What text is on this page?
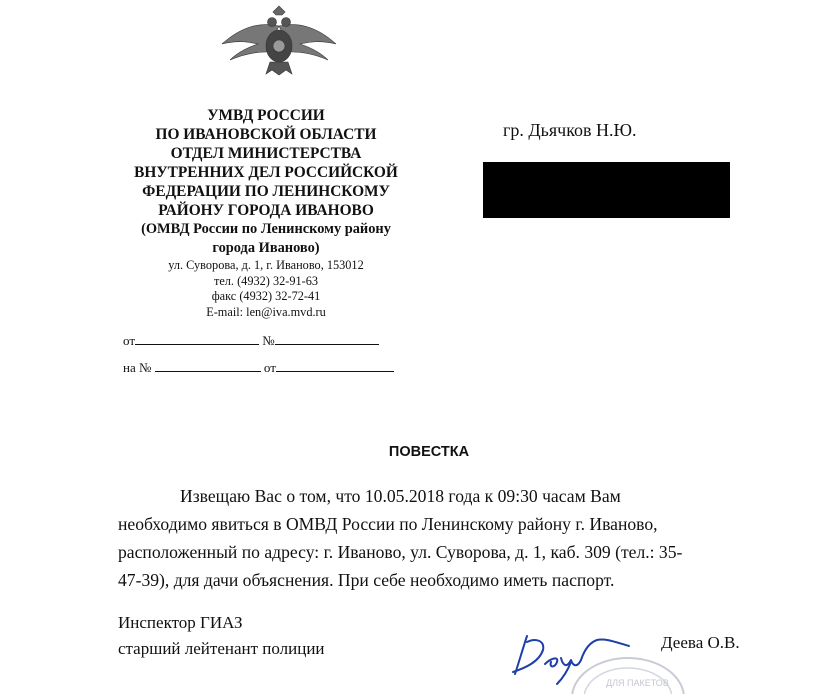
УМВД РОССИИ
ПО ИВАНОВСКОЙ ОБЛАСТИ
ОТДЕЛ МИНИСТЕРСТВА
ВНУТРЕННИХ ДЕЛ РОССИЙСКОЙ
ФЕДЕРАЦИИ ПО ЛЕНИНСКОМУ
РАЙОНУ ГОРОДА ИВАНОВО
(ОМВД России по Ленинскому району
города Иваново)
ул. Суворова, д. 1, г. Иваново, 153012
тел. (4932) 32-91-63
факс (4932) 32-72-41
E-mail: len@iva.mvd.ru
от	№
на №	от
гр. Дьячков Н.Ю.
ПОВЕСТКА
Извещаю Вас о том, что 10.05.2018 года к 09:30 часам Вам
необходимо явиться в ОМВД России по Ленинскому району г. Иваново,
расположенный по адресу: г. Иваново, ул. Суворова, д. 1, каб. 309 (тел.: 35-
47-39), для дачи объяснения. При себе необходимо иметь паспорт.
Инспектор ГИАЗ
старший лейтенант полиции
ДЛЯ ПАКЕТОВ
Деева О.В.
